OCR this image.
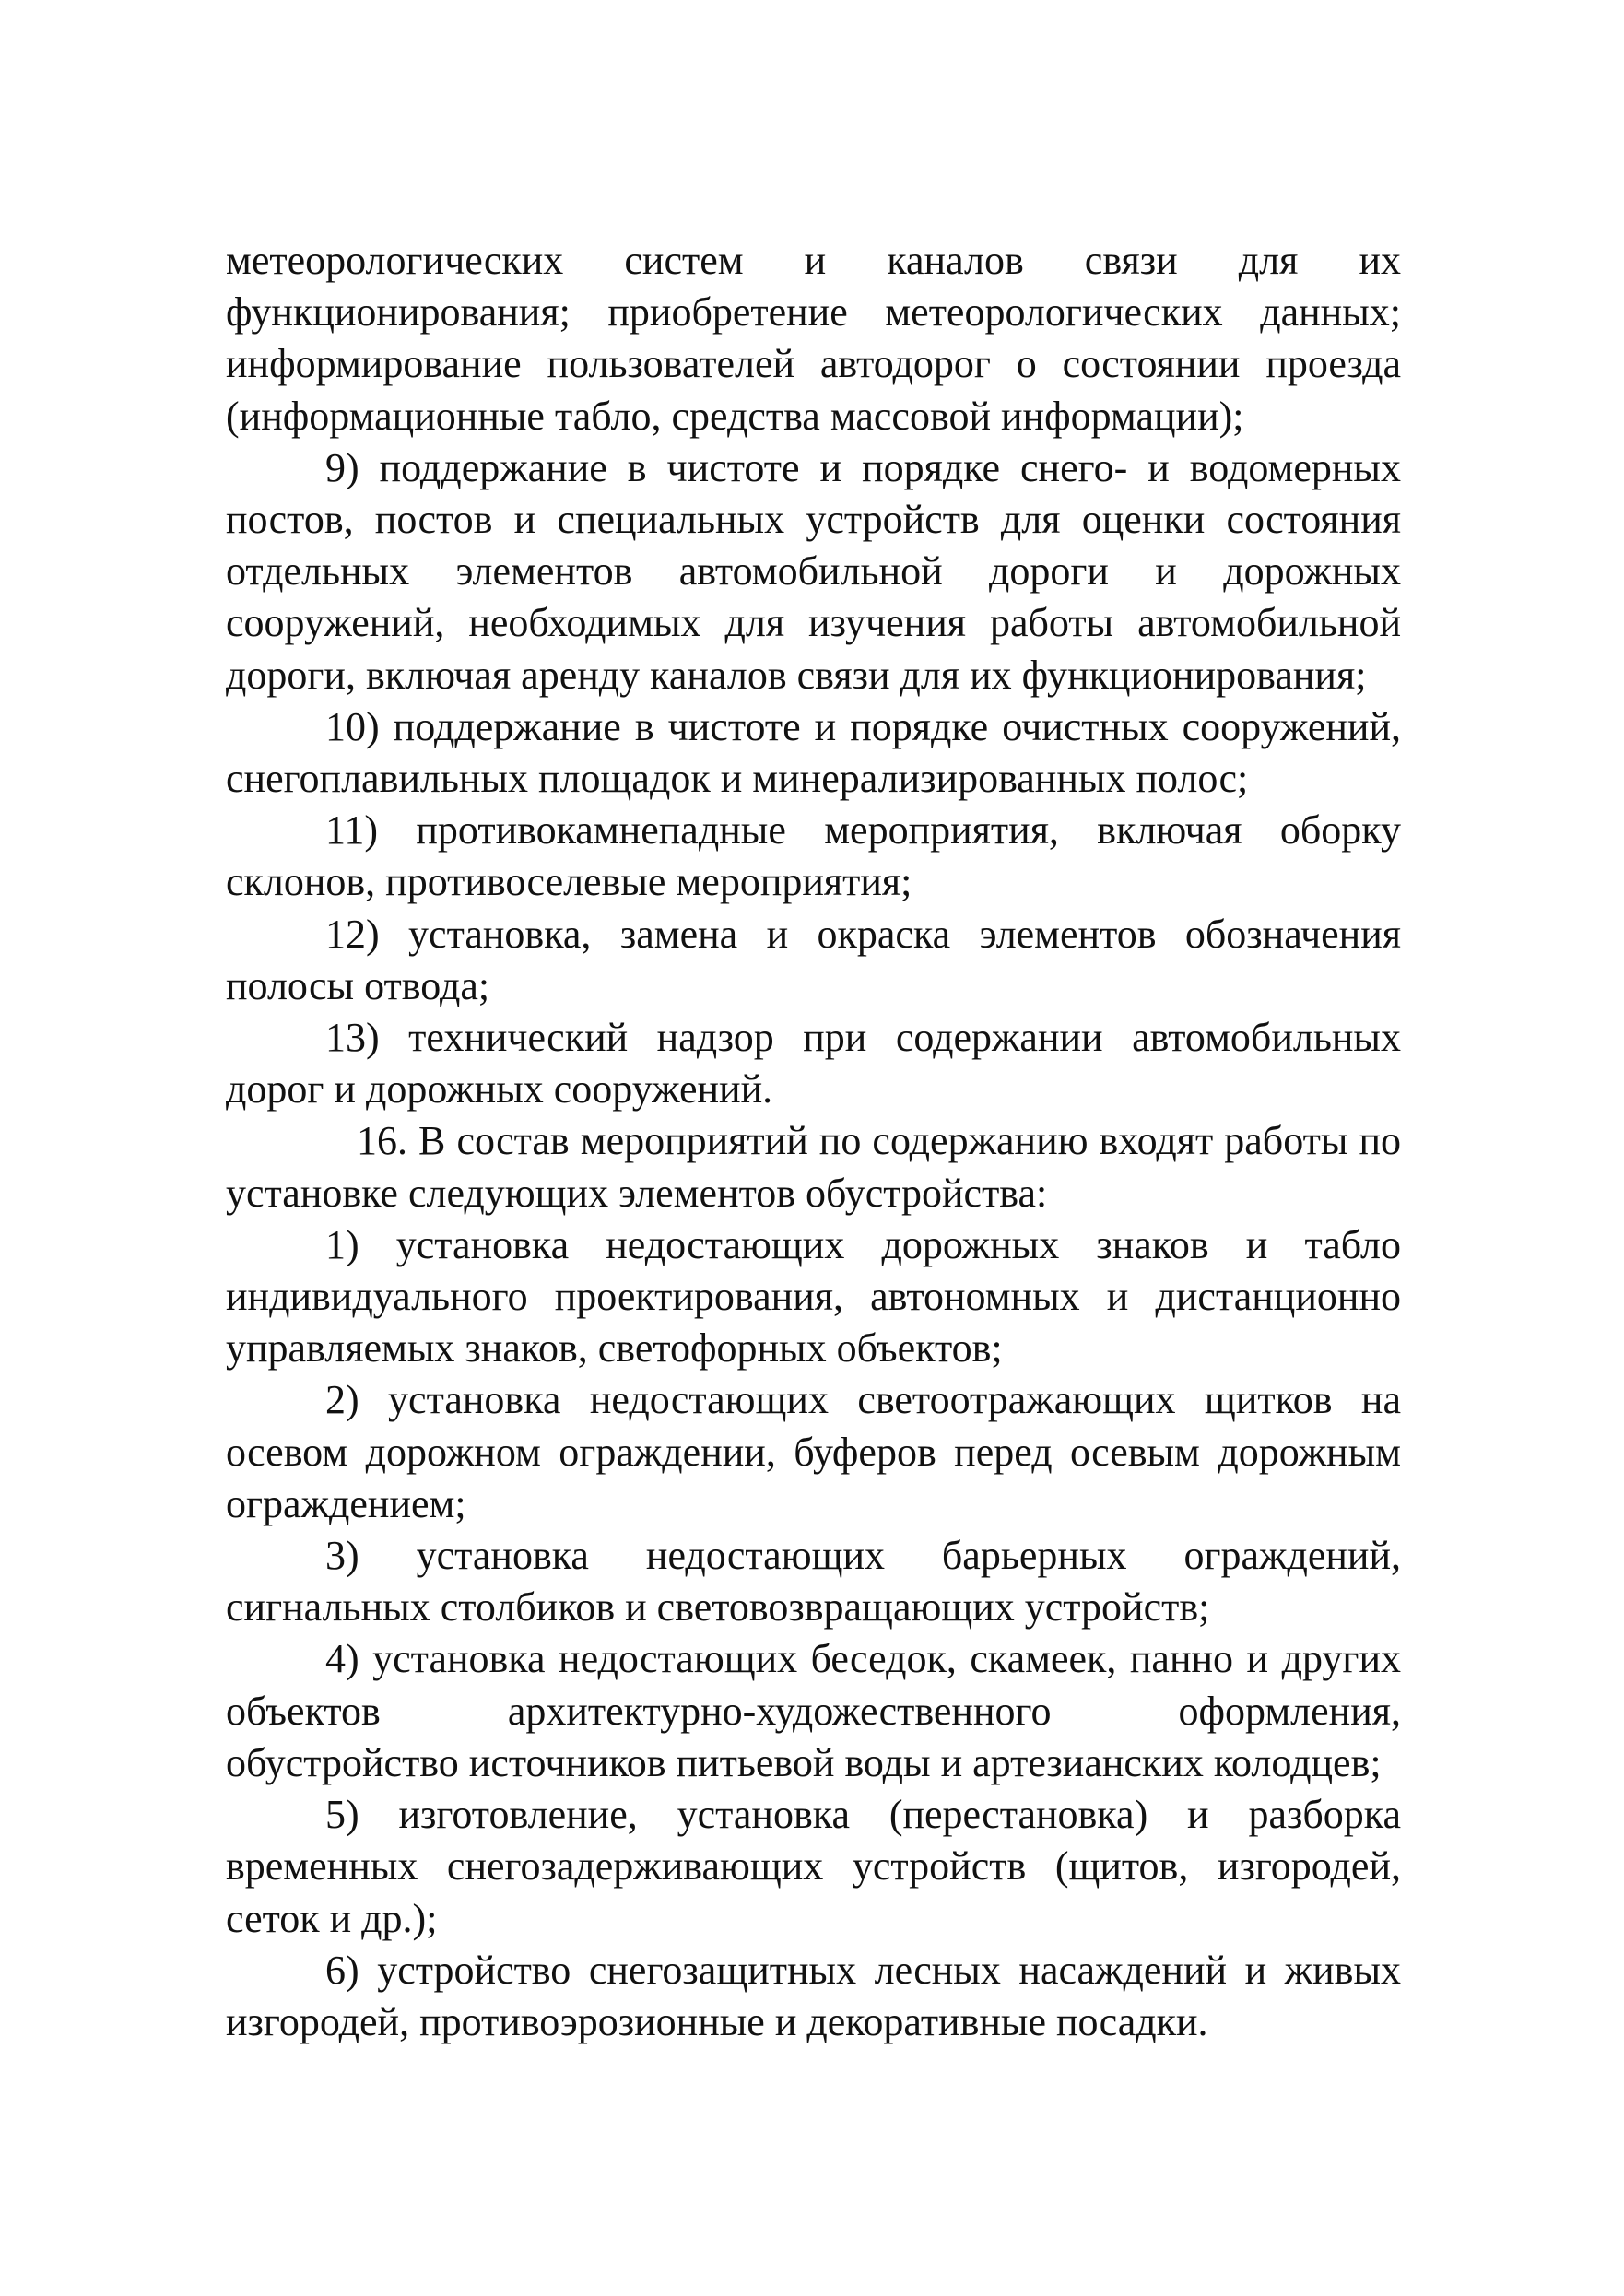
метеорологических систем и каналов связи для их функционирования; приобретение метеорологических данных; информирование пользователей автодорог о состоянии проезда (информационные табло, средства массовой информации);

9) поддержание в чистоте и порядке снего- и водомерных постов, постов и специальных устройств для оценки состояния отдельных элементов автомобильной дороги и дорожных сооружений, необходимых для изучения работы автомобильной дороги, включая аренду каналов связи для их функционирования;

10) поддержание в чистоте и порядке очистных сооружений, снегоплавильных площадок и минерализированных полос;

11) противокамнепадные мероприятия, включая оборку склонов, противоселевые мероприятия;

12) установка, замена и окраска элементов обозначения полосы отвода;

13) технический надзор при содержании автомобильных дорог и дорожных сооружений.

16. В состав мероприятий по содержанию входят работы по установке следующих элементов обустройства:

1) установка недостающих дорожных знаков и табло индивидуального проектирования, автономных и дистанционно управляемых знаков, светофорных объектов;

2) установка недостающих светоотражающих щитков на осевом дорожном ограждении, буферов перед осевым дорожным ограждением;

3) установка недостающих барьерных ограждений, сигнальных столбиков и световозвращающих устройств;

4) установка недостающих беседок, скамеек, панно и других объектов архитектурно-художественного оформления, обустройство источников питьевой воды и артезианских колодцев;

5) изготовление, установка (перестановка) и разборка временных снегозадерживающих устройств (щитов, изгородей, сеток и др.);

6) устройство снегозащитных лесных насаждений и живых изгородей, противоэрозионные и декоративные посадки.
